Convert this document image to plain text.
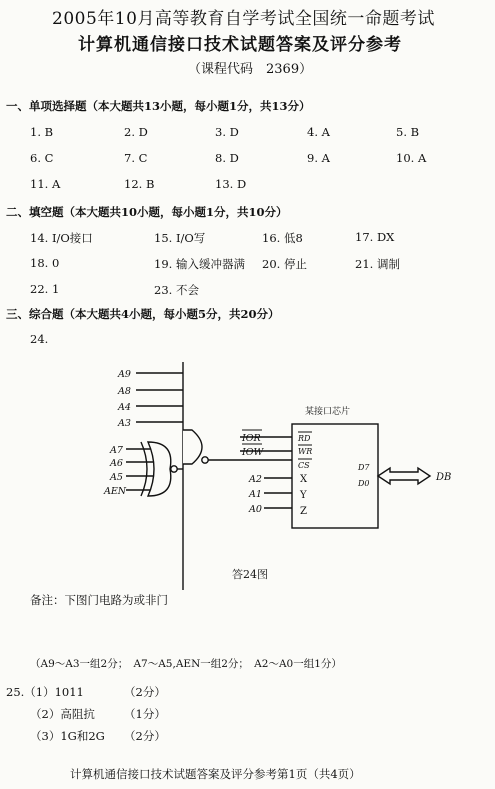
2005年10月高等教育自学考试全国统一命题考试
计算机通信接口技术试题答案及评分参考
（课程代码　2369）
一、单项选择题（本大题共13小题，每小题1分，共13分）
1. B	2. D	3. D	4. A	5. B
6. C	7. C	8. D	9. A	10. A
11. A	12. B	13. D
二、填空题（本大题共10小题，每小题1分，共10分）
14. I/O接口	15. I/O写	16. 低8	17. DX
18. 0	19. 输入缓冲器满 20. 停止	21. 调制
22. 1	23. 不会
三、综合题（本大题共4小题，每小题5分，共20分）
24.
A9
A8
A4
A3
A7
A6
A5
AEN
IOR
IOW
A2
A1
A0
DB
RD
WR
CS	D7
D0
X
Y
Z
某接口芯片
答24图
备注：下图门电路为或非门
（A9～A3一组2分；　A7～A5,AEN一组2分；　A2～A0一组1分）
25.（1）1011	（2分）
（2）高阻抗	（1分）
（3）1G和2G （2分）
计算机通信接口技术试题答案及评分参考第1页（共4页）
